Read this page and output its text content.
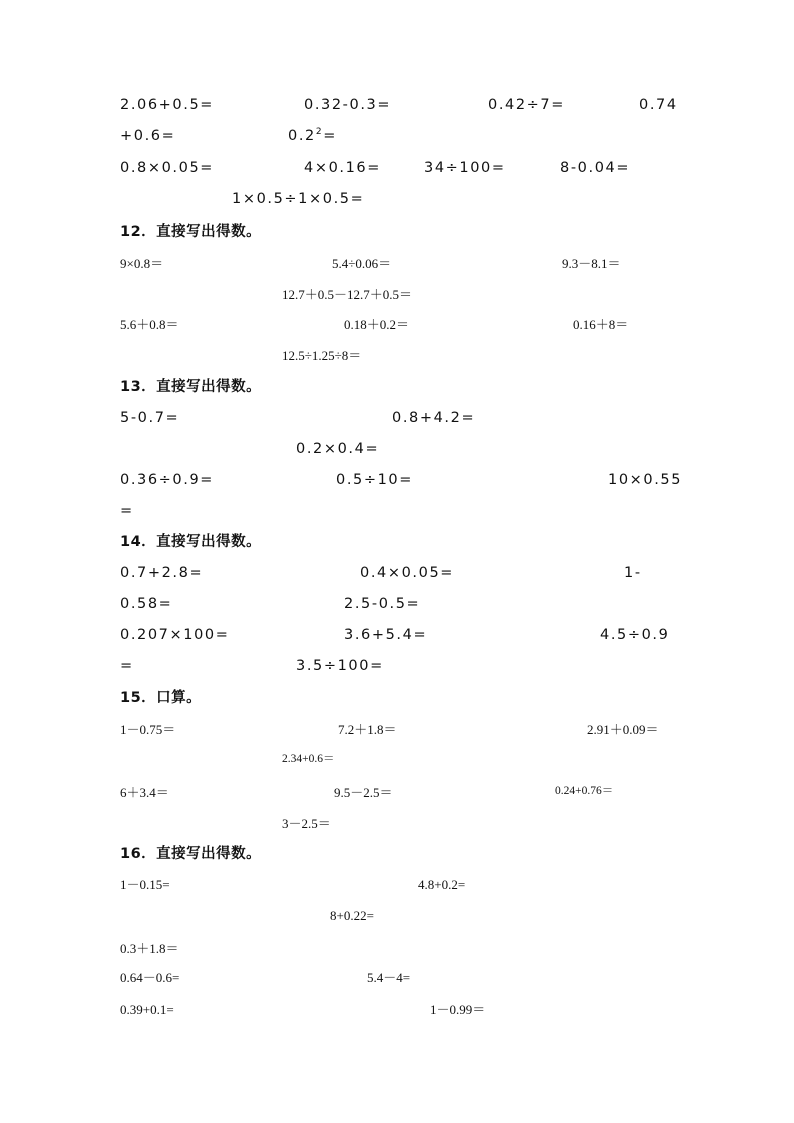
2.06+0.5=	0.32-0.3=	0.42÷7=	0.74
+0.6=	$0.2^2=$
0.8×0.05=	4×0.16=	34÷100=	8-0.04=
1×0.5÷1×0.5=
12．直接写出得数。
9×0.8＝	5.4÷0.06＝	9.3－8.1＝
12.7＋0.5－12.7＋0.5＝
5.6＋0.8＝	0.18＋0.2＝	0.16＋8＝
12.5÷1.25÷8＝
13．直接写出得数。
5-0.7=	0.8+4.2=
0.2×0.4=
0.36÷0.9=	0.5÷10=	10×0.55
=
14．直接写出得数。
0.7+2.8=	0.4×0.05=	1-
0.58=	2.5-0.5=
0.207×100=	3.6+5.4=	4.5÷0.9
=	3.5÷100=
15．口算。
1－0.75＝	7.2＋1.8＝	2.91＋0.09＝
2.34+0.6＝
6＋3.4＝	9.5－2.5＝	0.24+0.76＝
3－2.5＝
16．直接写出得数。
1－0.15=	4.8+0.2=
8+0.22=
0.3＋1.8＝
0.64－0.6=	5.4－4=
0.39+0.1=	1－0.99＝
